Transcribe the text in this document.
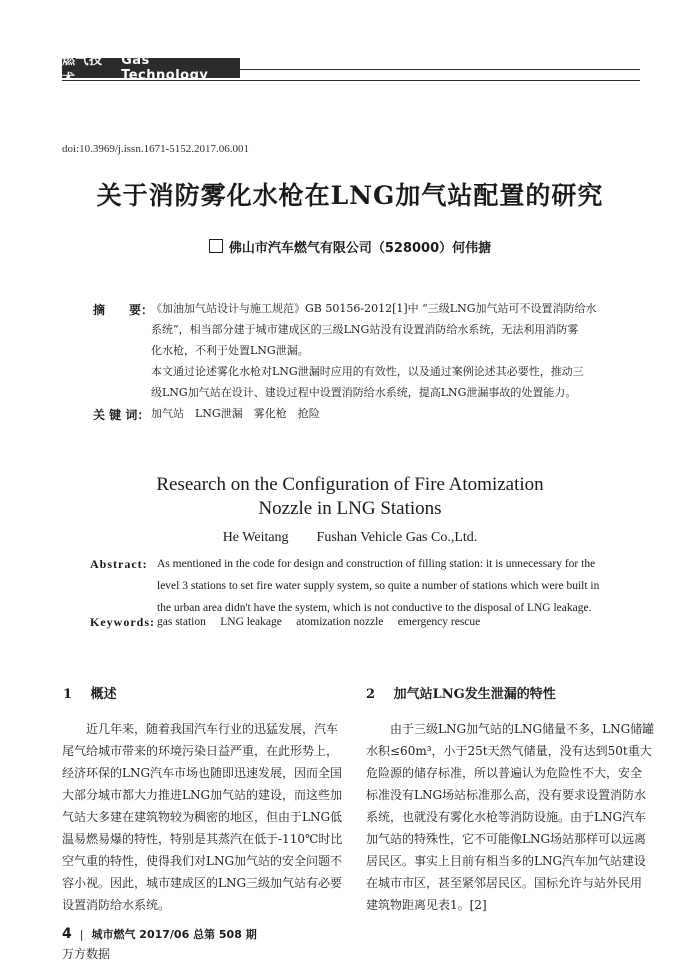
燃气技术
Gas Technology
doi:10.3969/j.issn.1671-5152.2017.06.001
关于消防雾化水枪在LNG加气站配置的研究
佛山市汽车燃气有限公司（528000）何伟搪
摘　　要：
《加油加气站设计与施工规范》GB 50156-2012[1]中 “三级LNG加气站可不设置消防给水
系统”，相当部分建于城市建成区的三级LNG站没有设置消防给水系统，无法利用消防雾
化水枪，不利于处置LNG泄漏。
本文通过论述雾化水枪对LNG泄漏时应用的有效性，以及通过案例论述其必要性，推动三
级LNG加气站在设计、建设过程中设置消防给水系统，提高LNG泄漏事故的处置能力。
关 键 词： 加气站　LNG泄漏　雾化枪　抢险
Research on the Configuration of Fire Atomization
Nozzle in LNG Stations
He Weitang　　Fushan Vehicle Gas Co.,Ltd.
Abstract: As mentioned in the code for design and construction of filling station: it is unnecessary for the
level 3 stations to set fire water supply system, so quite a number of stations which were built in
the urban area didn't have the system, which is not conductive to the disposal of LNG leakage.
Keywords: gas station　 LNG leakage　 atomization nozzle　 emergency rescue
1 概述
　　近几年来，随着我国汽车行业的迅猛发展，汽车
尾气给城市带来的环境污染日益严重，在此形势上，
经济环保的LNG汽车市场也随即迅速发展，因而全国
大部分城市都大力推进LNG加气站的建设，而这些加
气站大多建在建筑物较为稠密的地区，但由于LNG低
温易燃易爆的特性，特别是其蒸汽在低于-110℃时比
空气重的特性，使得我们对LNG加气站的安全问题不
容小视。因此，城市建成区的LNG三级加气站有必要
设置消防给水系统。
2 加气站LNG发生泄漏的特性
　　由于三级LNG加气站的LNG储量不多，LNG储罐
水积≤60m³，小于25t天然气储量，没有达到50t重大
危险源的储存标准，所以普遍认为危险性不大，安全
标准没有LNG场站标准那么高，没有要求设置消防水
系统，也就没有雾化水枪等消防设施。由于LNG汽车
加气站的特殊性，它不可能像LNG场站那样可以远离
居民区。事实上目前有相当多的LNG汽车加气站建设
在城市市区，甚至紧邻居民区。国标允许与站外民用
建筑物距离见表1。[2]
4 | 城市燃气 2017/06 总第 508 期
万方数据
